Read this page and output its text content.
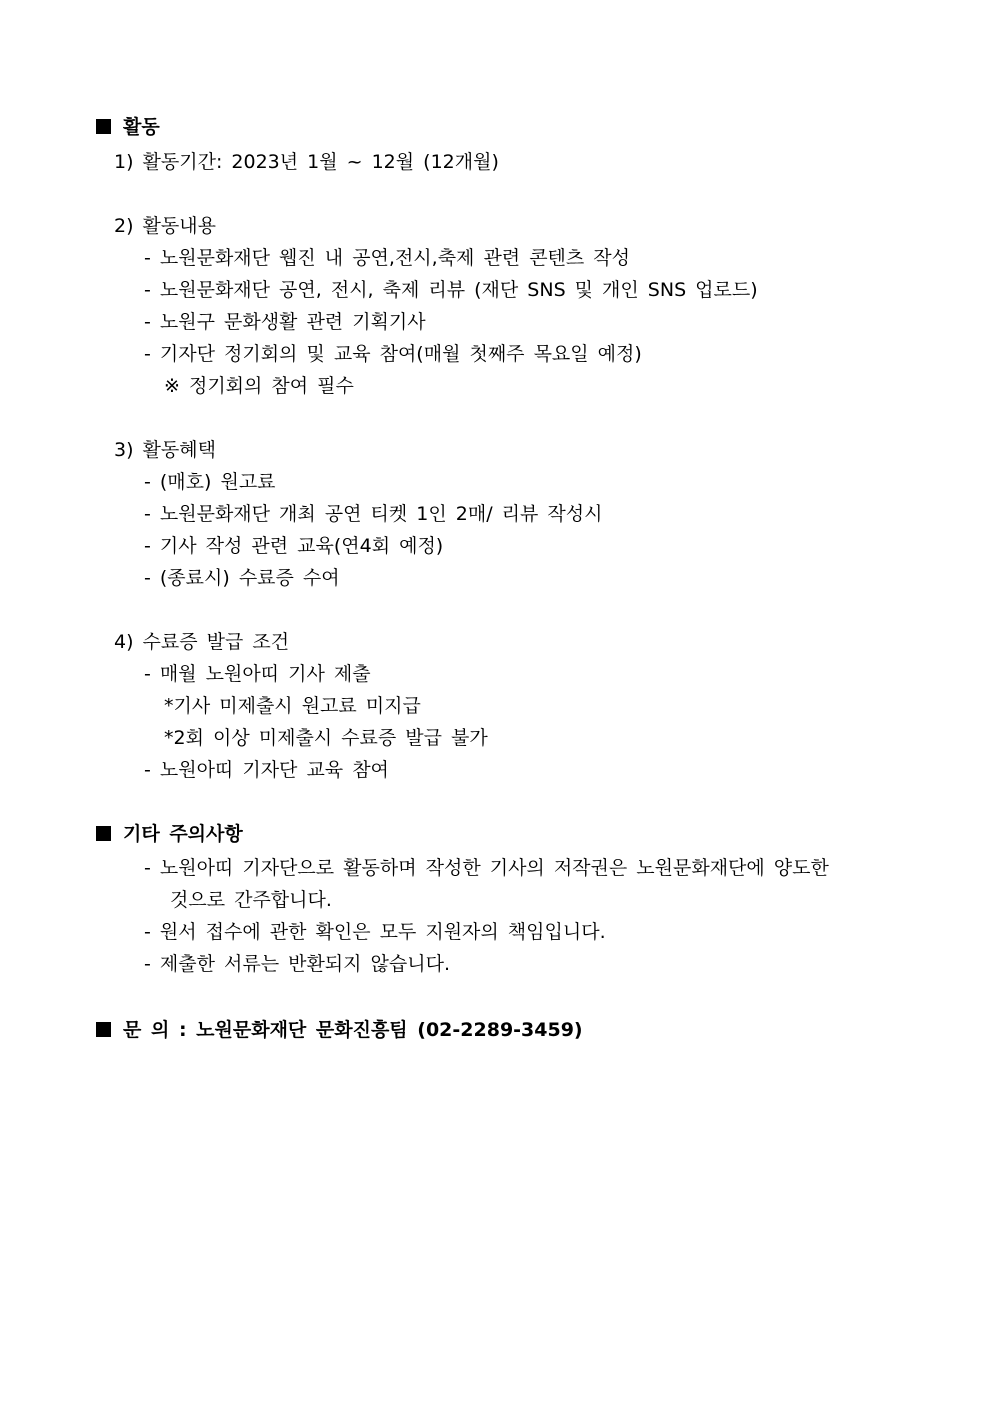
활동
1) 활동기간: 2023년 1월 ~ 12월 (12개월)
2) 활동내용
- 노원문화재단 웹진 내 공연,전시,축제 관련 콘텐츠 작성
- 노원문화재단 공연, 전시, 축제 리뷰 (재단 SNS 및 개인 SNS 업로드)
- 노원구 문화생활 관련 기획기사
- 기자단 정기회의 및 교육 참여(매월 첫째주 목요일 예정)
※ 정기회의 참여 필수
3) 활동혜택
- (매호) 원고료
- 노원문화재단 개최 공연 티켓 1인 2매/ 리뷰 작성시
- 기사 작성 관련 교육(연4회 예정)
- (종료시) 수료증 수여
4) 수료증 발급 조건
- 매월 노원아띠 기사 제출
*기사 미제출시 원고료 미지급
*2회 이상 미제출시 수료증 발급 불가
- 노원아띠 기자단 교육 참여
기타 주의사항
- 노원아띠 기자단으로 활동하며 작성한 기사의 저작권은 노원문화재단에 양도한
것으로 간주합니다.
- 원서 접수에 관한 확인은 모두 지원자의 책임입니다.
- 제출한 서류는 반환되지 않습니다.
문 의 : 노원문화재단 문화진흥팀 (02-2289-3459)
